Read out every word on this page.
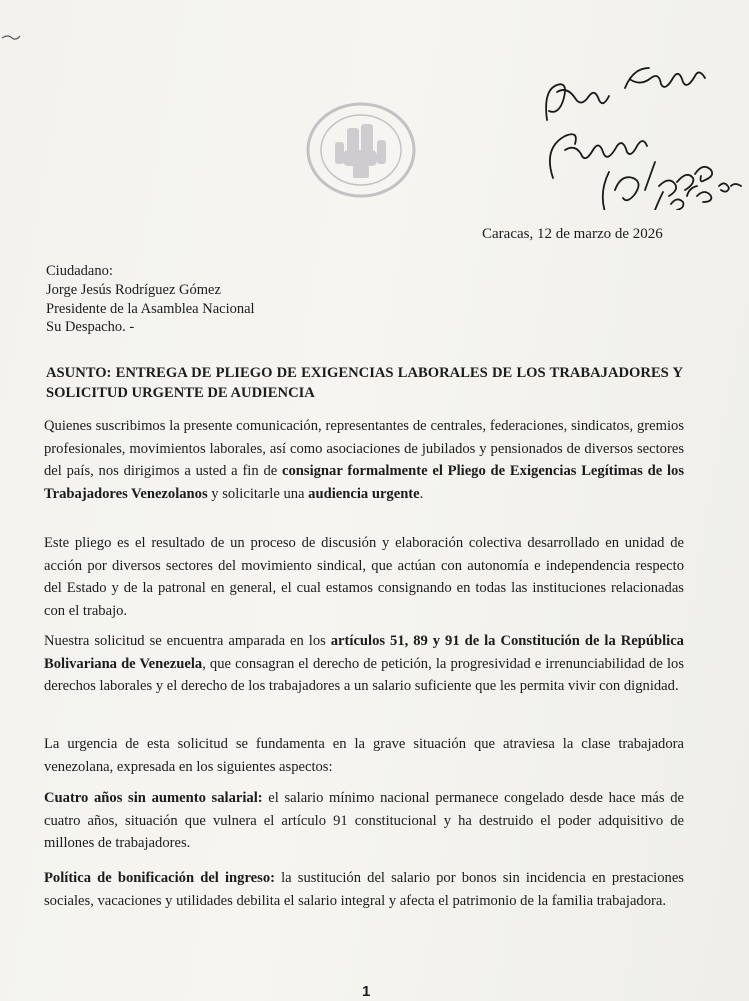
Caracas, 12 de marzo de 2026
Ciudadano:
Jorge Jesús Rodríguez Gómez
Presidente de la Asamblea Nacional
Su Despacho. -
ASUNTO: ENTREGA DE PLIEGO DE EXIGENCIAS LABORALES DE LOS TRABAJADORES Y SOLICITUD URGENTE DE AUDIENCIA
Quienes suscribimos la presente comunicación, representantes de centrales, federaciones, sindicatos, gremios profesionales, movimientos laborales, así como asociaciones de jubilados y pensionados de diversos sectores del país, nos dirigimos a usted a fin de consignar formalmente el Pliego de Exigencias Legítimas de los Trabajadores Venezolanos y solicitarle una audiencia urgente.
Este pliego es el resultado de un proceso de discusión y elaboración colectiva desarrollado en unidad de acción por diversos sectores del movimiento sindical, que actúan con autonomía e independencia respecto del Estado y de la patronal en general, el cual estamos consignando en todas las instituciones relacionadas con el trabajo.
Nuestra solicitud se encuentra amparada en los artículos 51, 89 y 91 de la Constitución de la República Bolivariana de Venezuela, que consagran el derecho de petición, la progresividad e irrenunciabilidad de los derechos laborales y el derecho de los trabajadores a un salario suficiente que les permita vivir con dignidad.
La urgencia de esta solicitud se fundamenta en la grave situación que atraviesa la clase trabajadora venezolana, expresada en los siguientes aspectos:
Cuatro años sin aumento salarial: el salario mínimo nacional permanece congelado desde hace más de cuatro años, situación que vulnera el artículo 91 constitucional y ha destruido el poder adquisitivo de millones de trabajadores.
Política de bonificación del ingreso: la sustitución del salario por bonos sin incidencia en prestaciones sociales, vacaciones y utilidades debilita el salario integral y afecta el patrimonio de la familia trabajadora.
1
